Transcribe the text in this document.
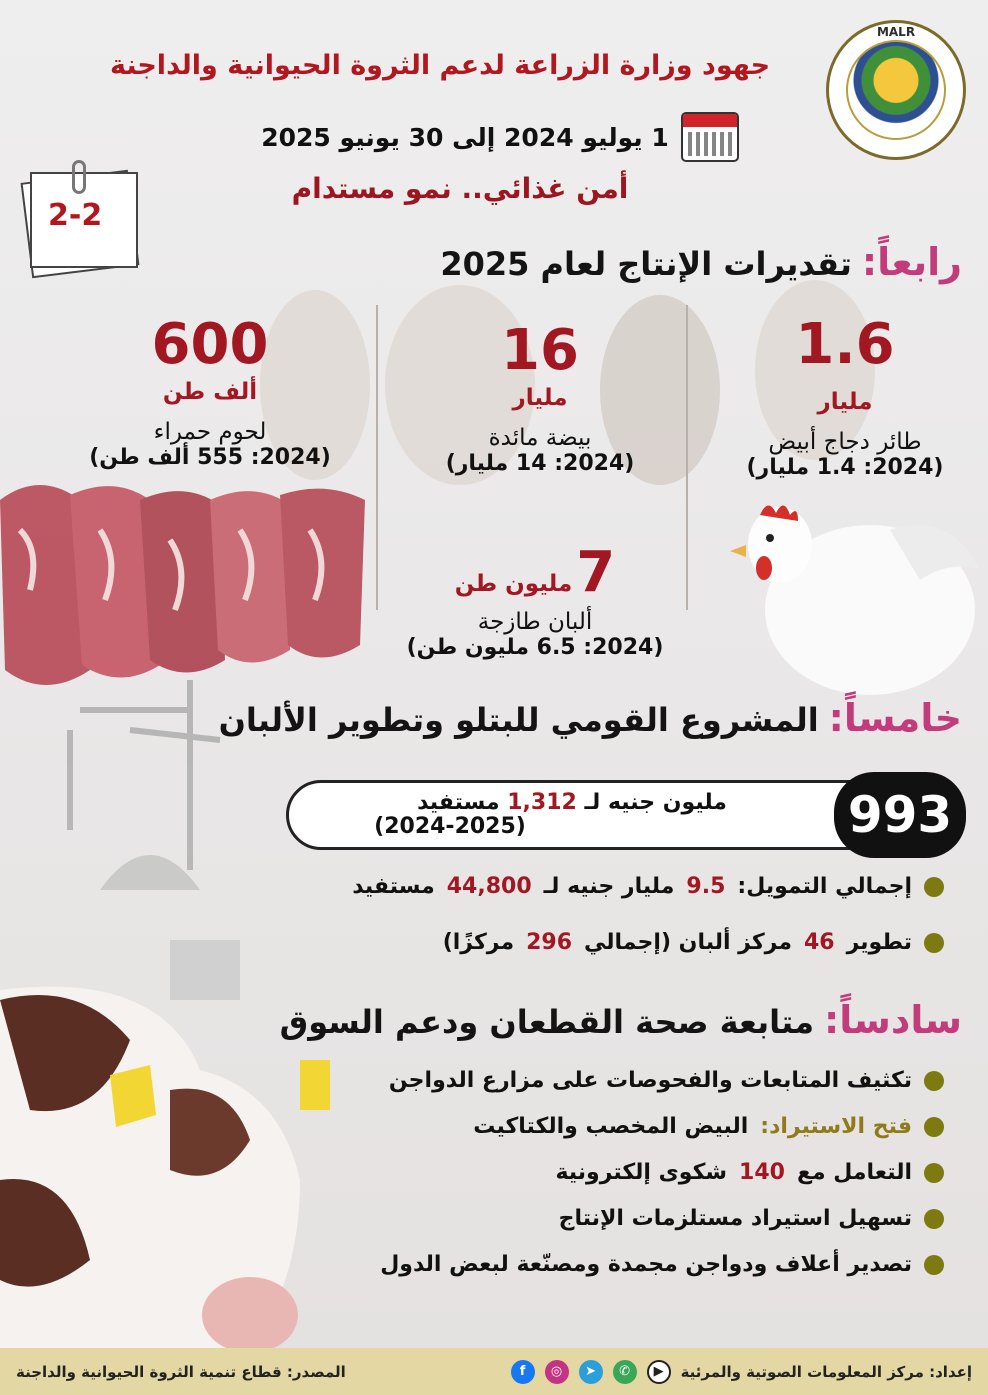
جهود وزارة الزراعة لدعم الثروة الحيوانية والداجنة
1 يوليو 2024 إلى 30 يونيو 2025
أمن غذائي.. نمو مستدام
MALR
2-2
رابعاً:
تقديرات الإنتاج لعام 2025
1.6
مليار
طائر دجاج أبيض
(2024: 1.4 مليار)
16
مليار
بيضة مائدة
(2024: 14 مليار)
600
ألف طن
لحوم حمراء
(2024: 555 ألف طن)
7
مليون طن
ألبان طازجة
(2024: 6.5 مليون طن)
خامساً:
المشروع القومي للبتلو وتطوير الألبان
993
مليون جنيه لـ 1,312 مستفيد
(2024-2025)
إجمالي التمويل:
9.5
مليار جنيه لـ
44,800
مستفيد
تطوير
46
مركز ألبان (إجمالي
296
مركزًا)
سادساً:
متابعة صحة القطعان ودعم السوق
تكثيف المتابعات والفحوصات على مزارع الدواجن
فتح الاستيراد:
البيض المخصب والكتاكيت
التعامل مع
140
شكوى إلكترونية
تسهيل استيراد مستلزمات الإنتاج
تصدير أعلاف ودواجن مجمدة ومصنّعة لبعض الدول
إعداد: مركز المعلومات الصوتية والمرئية
▶
✆
➤
◎
f
المصدر: قطاع تنمية الثروة الحيوانية والداجنة
